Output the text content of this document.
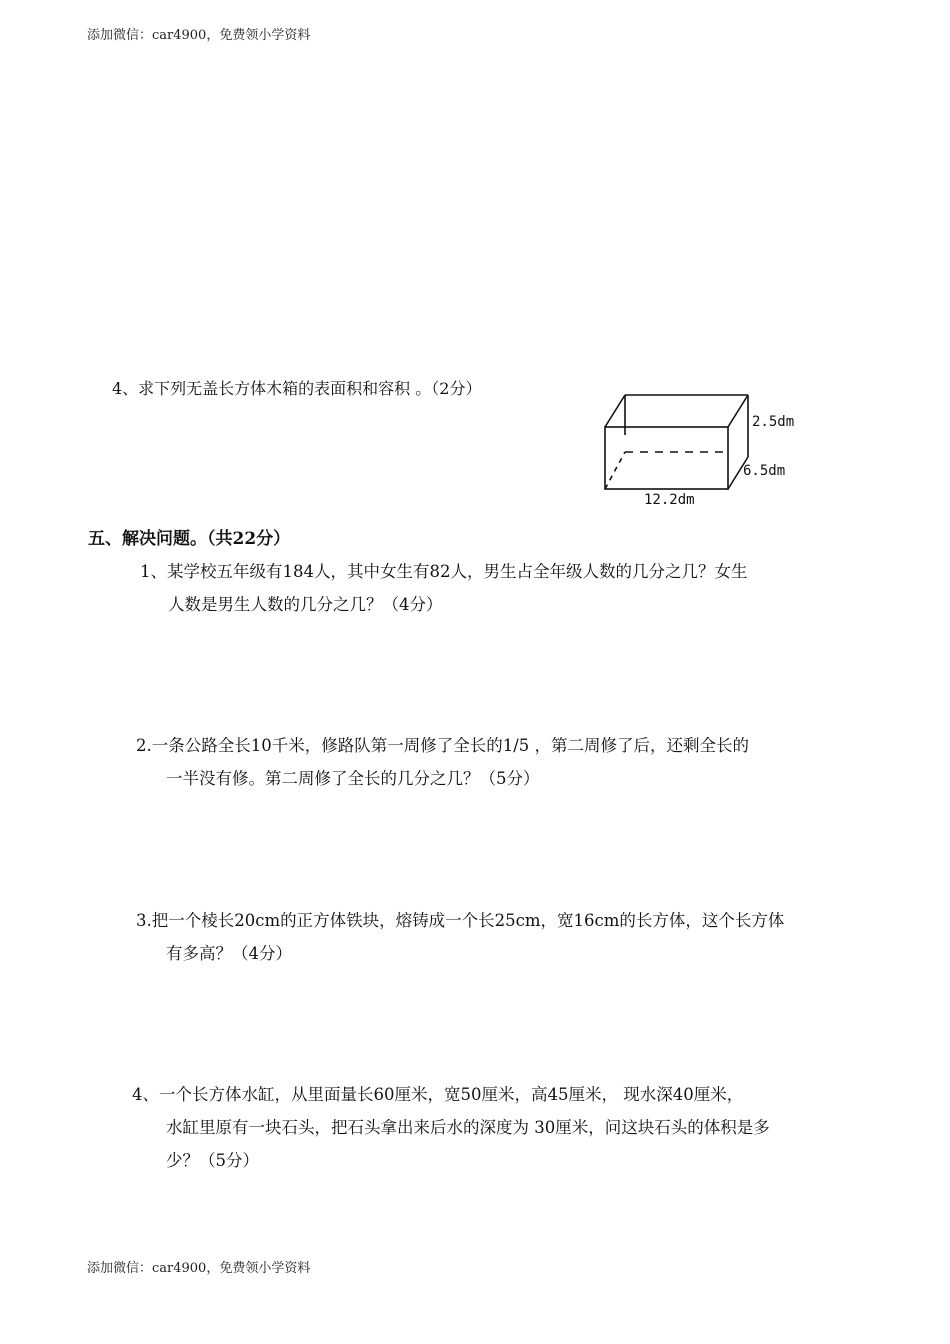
添加微信：car4900，免费领小学资料
4、求下列无盖长方体木箱的表面积和容积 。（2分）
2.5dm
6.5dm
12.2dm
五、解决问题。（共22分）
1、某学校五年级有184人，其中女生有82人，男生占全年级人数的几分之几？女生
人数是男生人数的几分之几？（4分）
2.一条公路全长10千米，修路队第一周修了全长的1/5 ，第二周修了后，还剩全长的
一半没有修。第二周修了全长的几分之几？（5分）
3.把一个棱长20cm的正方体铁块，熔铸成一个长25cm，宽16cm的长方体，这个长方体
有多高？（4分）
4、一个长方体水缸，从里面量长60厘米，宽50厘米，高45厘米， 现水深40厘米，
水缸里原有一块石头，把石头拿出来后水的深度为 30厘米，问这块石头的体积是多
少？（5分）
添加微信：car4900，免费领小学资料
